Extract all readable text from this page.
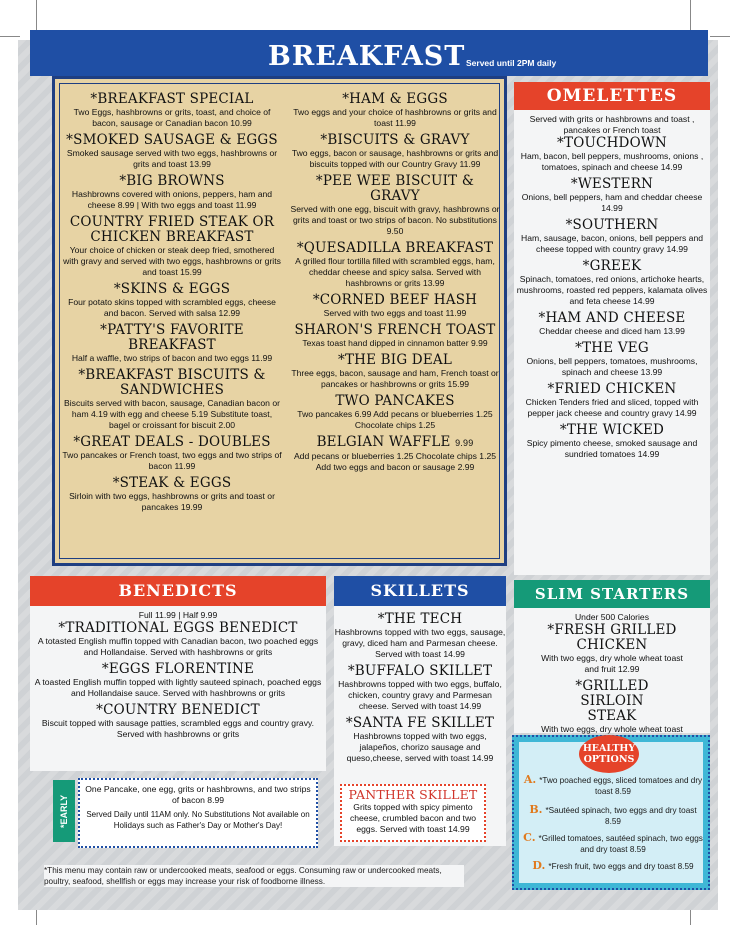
BREAKFAST Served until 2PM daily
*BREAKFAST SPECIAL
Two Eggs, hashbrowns or grits, toast, and choice of bacon, sausage or Canadian bacon 10.99
*SMOKED SAUSAGE & EGGS
Smoked sausage served with two eggs, hashbrowns or grits and toast 13.99
*BIG BROWNS
Hashbrowns covered with onions, peppers, ham and cheese 8.99 | With two eggs and toast 11.99
COUNTRY FRIED STEAK OR CHICKEN BREAKFAST
Your choice of chicken or steak deep fried, smothered with gravy and served with two eggs, hashbrowns or grits and toast 15.99
*SKINS & EGGS
Four potato skins topped with scrambled eggs, cheese and bacon. Served with salsa 12.99
*PATTY'S FAVORITE BREAKFAST
Half a waffle, two strips of bacon and two eggs 11.99
*BREAKFAST BISCUITS & SANDWICHES
Biscuits served with bacon, sausage, Canadian bacon or ham 4.19 with egg and cheese 5.19 Substitute toast, bagel or croissant for biscuit 2.00
*GREAT DEALS - DOUBLES
Two pancakes or French toast, two eggs and two strips of bacon 11.99
*STEAK & EGGS
Sirloin with two eggs, hashbrowns or grits and toast or pancakes 19.99
*HAM & EGGS
Two eggs and your choice of hashbrowns or grits and toast 11.99
*BISCUITS & GRAVY
Two eggs, bacon or sausage, hashbrowns or grits and biscuits topped with our Country Gravy 11.99
*PEE WEE BISCUIT & GRAVY
Served with one egg, biscuit with gravy, hashbrowns or grits and toast or two strips of bacon. No substitutions 9.50
*QUESADILLA BREAKFAST
A grilled flour tortilla filled with scrambled eggs, ham, cheddar cheese and spicy salsa. Served with hashbrowns or grits 13.99
*CORNED BEEF HASH
Served with two eggs and toast 11.99
SHARON'S FRENCH TOAST
Texas toast hand dipped in cinnamon batter 9.99
*THE BIG DEAL
Three eggs, bacon, sausage and ham, French toast or pancakes or hashbrowns or grits 15.99
TWO PANCAKES
Two pancakes 6.99 Add pecans or blueberries 1.25 Chocolate chips 1.25
BELGIAN WAFFLE 9.99
Add pecans or blueberries 1.25 Chocolate chips 1.25 Add two eggs and bacon or sausage 2.99
OMELETTES
Served with grits or hashbrowns and toast , pancakes or French toast
*TOUCHDOWN
Ham, bacon, bell peppers, mushrooms, onions , tomatoes, spinach and cheese 14.99
*WESTERN
Onions, bell peppers, ham and cheddar cheese 14.99
*SOUTHERN
Ham, sausage, bacon, onions, bell peppers and cheese topped with country gravy 14.99
*GREEK
Spinach, tomatoes, red onions, artichoke hearts, mushrooms, roasted red peppers, kalamata olives and feta cheese 14.99
*HAM AND CHEESE
Cheddar cheese and diced ham 13.99
*THE VEG
Onions, bell peppers, tomatoes, mushrooms, spinach and cheese 13.99
*FRIED CHICKEN
Chicken Tenders fried and sliced, topped with pepper jack cheese and country gravy 14.99
*THE WICKED
Spicy pimento cheese, smoked sausage and sundried tomatoes 14.99
BENEDICTS
Full 11.99 | Half 9.99
*TRADITIONAL EGGS BENEDICT
A totasted English muffin topped with Canadian bacon, two poached eggs and Hollandaise. Served with hashbrowns or grits
*EGGS FLORENTINE
A toasted English muffin topped with lightly sauteed spinach, poached eggs and Hollandaise sauce. Served with hashbrowns or grits
*COUNTRY BENEDICT
Biscuit topped with sausage patties, scrambled eggs and country gravy. Served with hashbrowns or grits
*EARLY
One Pancake, one egg, grits or hashbrowns, and two strips of bacon 8.99
Served Daily until 11AM only. No Substitutions Not available on Holidays such as Father's Day or Mother's Day!
SKILLETS
*THE TECH
Hashbrowns topped with two eggs, sausage, gravy, diced ham and Parmesan cheese. Served with toast 14.99
*BUFFALO SKILLET
Hashbrowns topped with two eggs, buffalo, chicken, country gravy and Parmesan cheese. Served with toast 14.99
*SANTA FE SKILLET
Hashbrowns topped with two eggs, jalapeños, chorizo sausage and queso,cheese, served with toast 14.99
PANTHER SKILLET
Grits topped with spicy pimento cheese, crumbled bacon and two eggs. Served with toast 14.99
SLIM STARTERS
Under 500 Calories
*FRESH GRILLED CHICKEN
With two eggs, dry whole wheat toast and fruit 12.99
*GRILLED SIRLOIN STEAK
With two eggs, dry whole wheat toast
HEALTHY OPTIONS
A. *Two poached eggs, sliced tomatoes and dry toast 8.59
B. *Sautéed spinach, two eggs and dry toast 8.59
C. *Grilled tomatoes, sautéed spinach, two eggs and dry toast 8.59
D. *Fresh fruit, two eggs and dry toast 8.59
*This menu may contain raw or undercooked meats, seafood or eggs. Consuming raw or undercooked meats, poultry, seafood, shellfish or eggs may increase your risk of foodborne illness.
